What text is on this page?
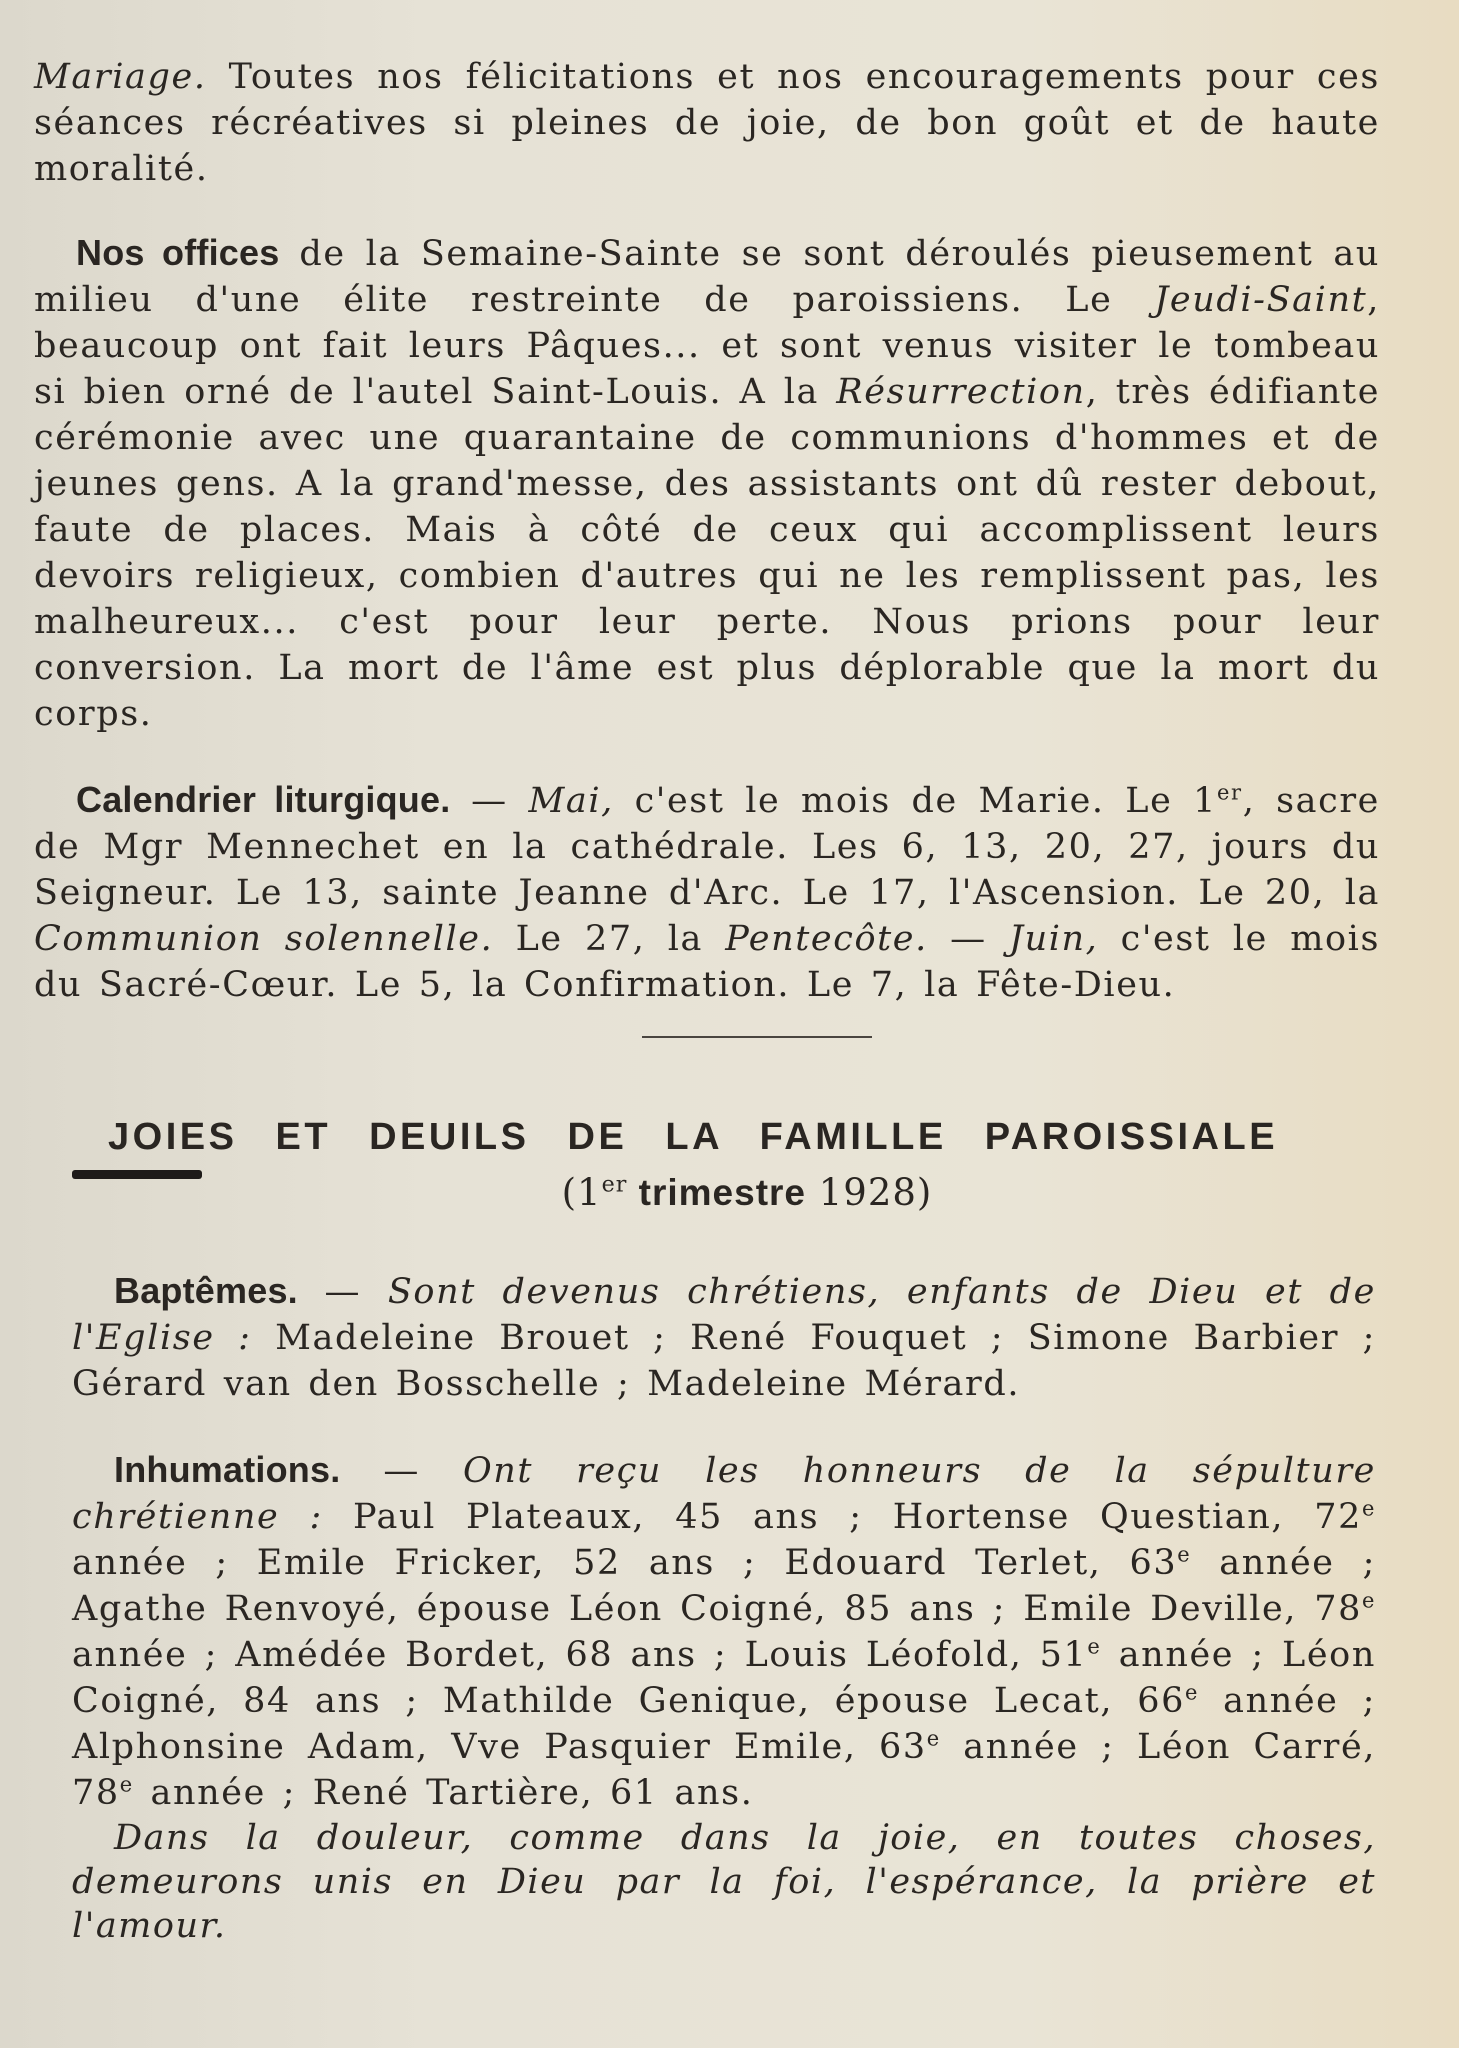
Mariage. Toutes nos félicitations et nos encouragements pour ces séances récréatives si pleines de joie, de bon goût et de haute moralité.

Nos offices de la Semaine-Sainte se sont déroulés pieusement au milieu d'une élite restreinte de paroissiens. Le Jeudi-Saint, beaucoup ont fait leurs Pâques... et sont venus visiter le tombeau si bien orné de l'autel Saint-Louis. A la Résurrection, très édifiante cérémonie avec une quarantaine de communions d'hommes et de jeunes gens. A la grand'messe, des assistants ont dû rester debout, faute de places. Mais à côté de ceux qui accomplissent leurs devoirs religieux, combien d'autres qui ne les remplissent pas, les malheureux... c'est pour leur perte. Nous prions pour leur conversion. La mort de l'âme est plus déplorable que la mort du corps.

Calendrier liturgique. — Mai, c'est le mois de Marie. Le 1er, sacre de Mgr Mennechet en la cathédrale. Les 6, 13, 20, 27, jours du Seigneur. Le 13, sainte Jeanne d'Arc. Le 17, l'Ascension. Le 20, la Communion solennelle. Le 27, la Pentecôte. — Juin, c'est le mois du Sacré-Cœur. Le 5, la Confirmation. Le 7, la Fête-Dieu.

JOIES ET DEUILS DE LA FAMILLE PAROISSIALE
(1er trimestre 1928)

Baptêmes. — Sont devenus chrétiens, enfants de Dieu et de l'Eglise : Madeleine Brouet ; René Fouquet ; Simone Barbier ; Gérard van den Bosschelle ; Madeleine Mérard.

Inhumations. — Ont reçu les honneurs de la sépulture chrétienne : Paul Plateaux, 45 ans ; Hortense Questian, 72e année ; Emile Fricker, 52 ans ; Edouard Terlet, 63e année ; Agathe Renvoyé, épouse Léon Coigné, 85 ans ; Emile Deville, 78e année ; Amédée Bordet, 68 ans ; Louis Léofold, 51e année ; Léon Coigné, 84 ans ; Mathilde Genique, épouse Lecat, 66e année ; Alphonsine Adam, Vve Pasquier Emile, 63e année ; Léon Carré, 78e année ; René Tartière, 61 ans.

Dans la douleur, comme dans la joie, en toutes choses, demeurons unis en Dieu par la foi, l'espérance, la prière et l'amour.
